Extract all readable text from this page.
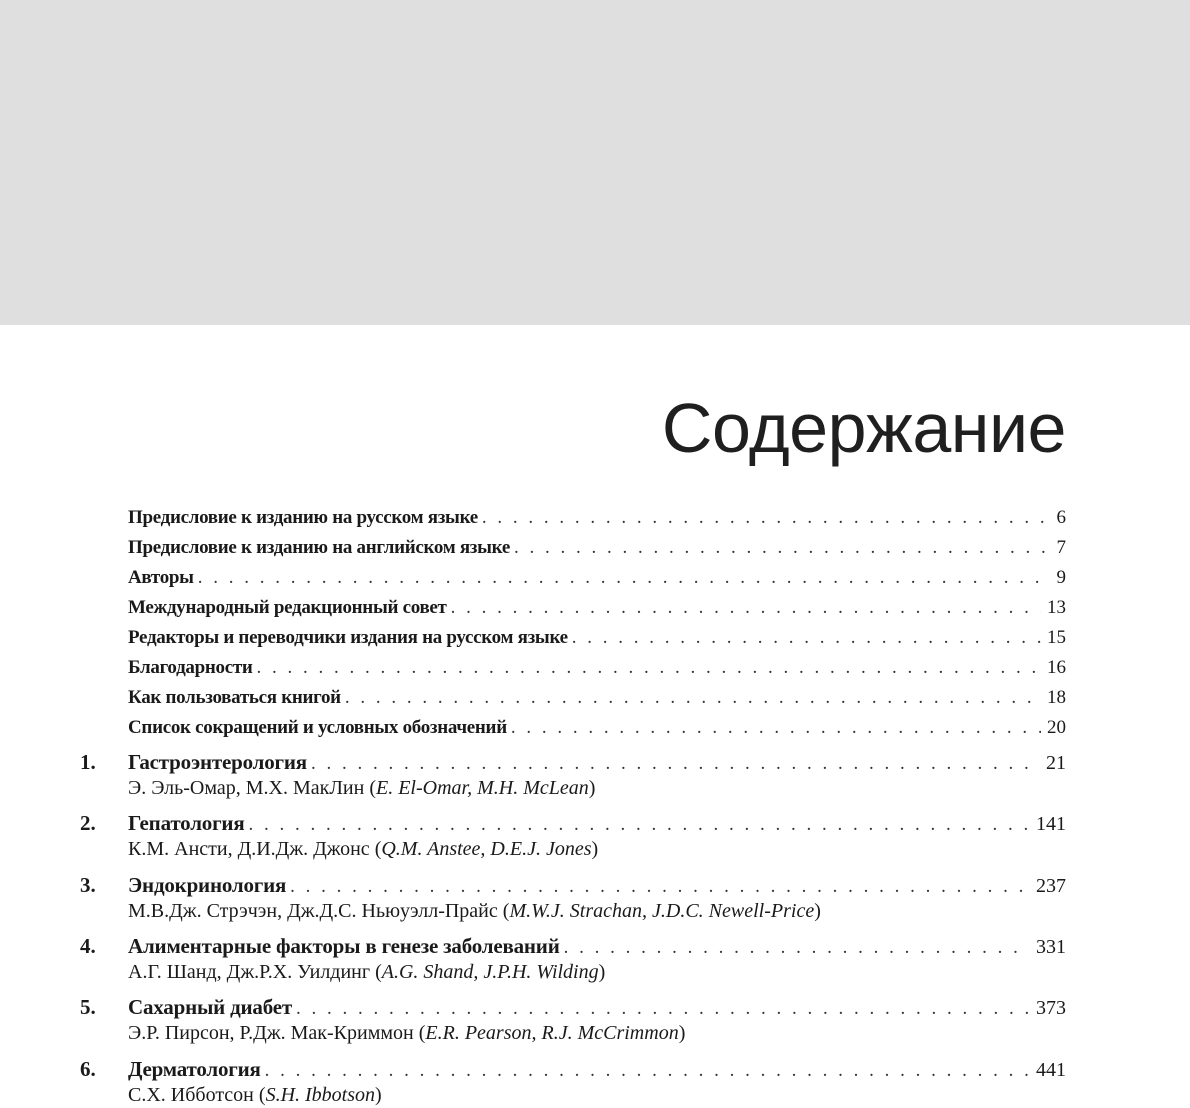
Содержание
Предисловие к изданию на русском языке . . .	6
Предисловие к изданию на английском языке . . .	7
Авторы . . .	9
Международный редакционный совет . . .	13
Редакторы и переводчики издания на русском языке . . .	15
Благодарности . . .	16
Как пользоваться книгой . . .	18
Список сокращений и условных обозначений . . .	20
1.	Гастроэнтерология . . .	21
Э. Эль-Омар, М.Х. МакЛин (E. El-Omar, M.H. McLean)
2.	Гепатология . . .	141
К.М. Ансти, Д.И.Дж. Джонс (Q.M. Anstee, D.E.J. Jones)
3.	Эндокринология . . .	237
М.В.Дж. Стрэчэн, Дж.Д.С. Ньюуэлл-Прайс (M.W.J. Strachan, J.D.C. Newell-Price)
4.	Алиментарные факторы в генезе заболеваний . . .	331
А.Г. Шанд, Дж.Р.Х. Уилдинг (A.G. Shand, J.P.H. Wilding)
5.	Сахарный диабет . . .	373
Э.Р. Пирсон, Р.Дж. Мак-Криммон (E.R. Pearson, R.J. McCrimmon)
6.	Дерматология . . .	441
С.Х. Ибботсон (S.H. Ibbotson)
